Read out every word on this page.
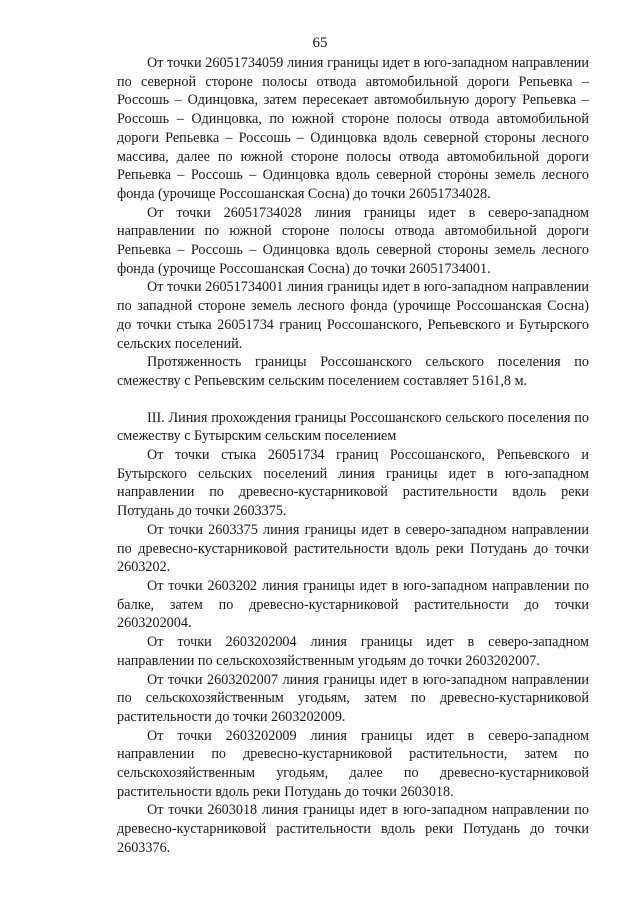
65

От точки 26051734059 линия границы идет в юго-западном направлении по северной стороне полосы отвода автомобильной дороги Репьевка – Россошь – Одинцовка, затем пересекает автомобильную дорогу Репьевка – Россошь – Одинцовка, по южной стороне полосы отвода автомобильной дороги Репьевка – Россошь – Одинцовка вдоль северной стороны лесного массива, далее по южной стороне полосы отвода автомобильной дороги Репьевка – Россошь – Одинцовка вдоль северной стороны земель лесного фонда (урочище Россошанская Сосна) до точки 26051734028.

От точки 26051734028 линия границы идет в северо-западном направлении по южной стороне полосы отвода автомобильной дороги Репьевка – Россошь – Одинцовка вдоль северной стороны земель лесного фонда (урочище Россошанская Сосна) до точки 26051734001.

От точки 26051734001 линия границы идет в юго-западном направлении по западной стороне земель лесного фонда (урочище Россошанская Сосна) до точки стыка 26051734 границ Россошанского, Репьевского и Бутырского сельских поселений.

Протяженность границы Россошанского сельского поселения по смежеству с Репьевским сельским поселением составляет 5161,8 м.

III. Линия прохождения границы Россошанского сельского поселения по смежеству с Бутырским сельским поселением

От точки стыка 26051734 границ Россошанского, Репьевского и Бутырского сельских поселений линия границы идет в юго-западном направлении по древесно-кустарниковой растительности вдоль реки Потудань до точки 2603375.

От точки 2603375 линия границы идет в северо-западном направлении по древесно-кустарниковой растительности вдоль реки Потудань до точки 2603202.

От точки 2603202 линия границы идет в юго-западном направлении по балке, затем по древесно-кустарниковой растительности до точки 2603202004.

От точки 2603202004 линия границы идет в северо-западном направлении по сельскохозяйственным угодьям до точки 2603202007.

От точки 2603202007 линия границы идет в юго-западном направлении по сельскохозяйственным угодьям, затем по древесно-кустарниковой растительности до точки 2603202009.

От точки 2603202009 линия границы идет в северо-западном направлении по древесно-кустарниковой растительности, затем по сельскохозяйственным угодьям, далее по древесно-кустарниковой растительности вдоль реки Потудань до точки 2603018.

От точки 2603018 линия границы идет в юго-западном направлении по древесно-кустарниковой растительности вдоль реки Потудань до точки 2603376.
